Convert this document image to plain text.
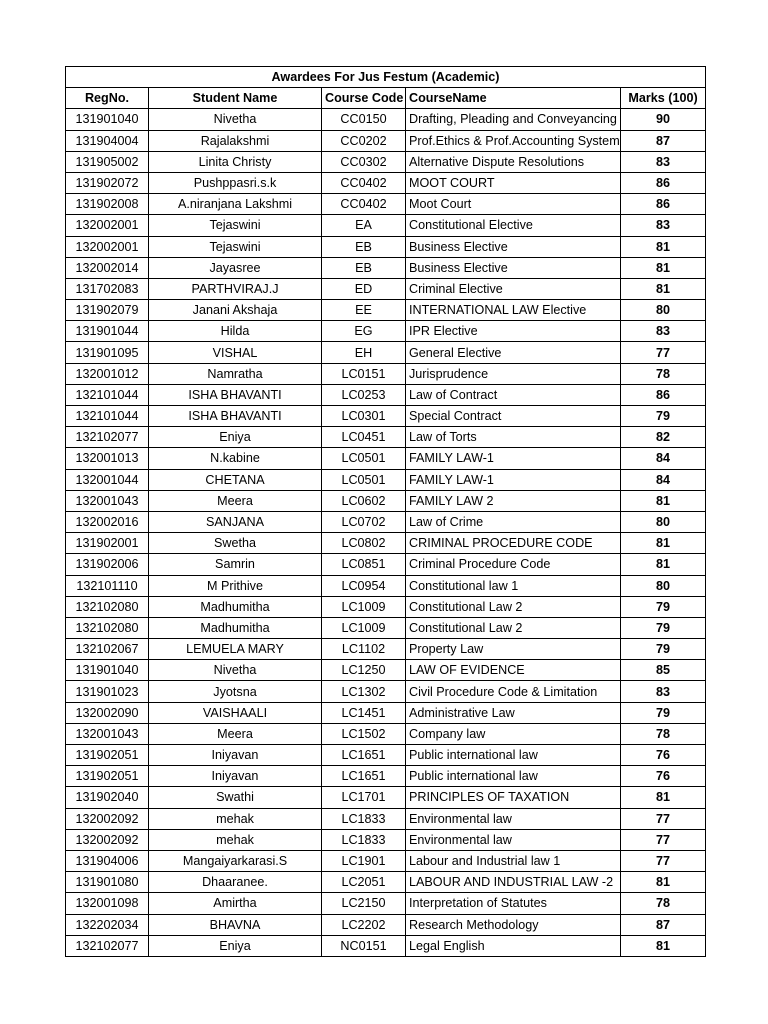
Awardees For Jus Festum (Academic)				
RegNo.	Student Name	Course Code	CourseName	Marks (100)
131901040	Nivetha	CC0150	Drafting, Pleading and Conveyancing	90
131904004	Rajalakshmi	CC0202	Prof.Ethics & Prof.Accounting System	87
131905002	Linita Christy	CC0302	Alternative Dispute Resolutions	83
131902072	Pushppasri.s.k	CC0402	MOOT COURT	86
131902008	A.niranjana Lakshmi	CC0402	Moot Court	86
132002001	Tejaswini	EA	Constitutional Elective	83
132002001	Tejaswini	EB	Business Elective	81
132002014	Jayasree	EB	Business Elective	81
131702083	PARTHVIRAJ.J	ED	Criminal Elective	81
131902079	Janani Akshaja	EE	INTERNATIONAL LAW Elective	80
131901044	Hilda	EG	IPR Elective	83
131901095	VISHAL	EH	General Elective	77
132001012	Namratha	LC0151	Jurisprudence	78
132101044	ISHA BHAVANTI	LC0253	Law of Contract	86
132101044	ISHA BHAVANTI	LC0301	Special Contract	79
132102077	Eniya	LC0451	Law of Torts	82
132001013	N.kabine	LC0501	FAMILY LAW-1	84
132001044	CHETANA	LC0501	FAMILY LAW-1	84
132001043	Meera	LC0602	FAMILY LAW 2	81
132002016	SANJANA	LC0702	Law of Crime	80
131902001	Swetha	LC0802	CRIMINAL PROCEDURE CODE	81
131902006	Samrin	LC0851	Criminal Procedure Code	81
132101110	M Prithive	LC0954	Constitutional law 1	80
132102080	Madhumitha	LC1009	Constitutional Law 2	79
132102080	Madhumitha	LC1009	Constitutional Law 2	79
132102067	LEMUELA MARY	LC1102	Property Law	79
131901040	Nivetha	LC1250	LAW OF EVIDENCE	85
131901023	Jyotsna	LC1302	Civil Procedure Code & Limitation	83
132002090	VAISHAALI	LC1451	Administrative Law	79
132001043	Meera	LC1502	Company law	78
131902051	Iniyavan	LC1651	Public international law	76
131902051	Iniyavan	LC1651	Public international law	76
131902040	Swathi	LC1701	PRINCIPLES OF TAXATION	81
132002092	mehak	LC1833	Environmental law	77
132002092	mehak	LC1833	Environmental law	77
131904006	Mangaiyarkarasi.S	LC1901	Labour and Industrial law 1	77
131901080	Dhaaranee.	LC2051	LABOUR AND INDUSTRIAL LAW -2	81
132001098	Amirtha	LC2150	Interpretation of Statutes	78
132202034	BHAVNA	LC2202	Research Methodology	87
132102077	Eniya	NC0151	Legal English	81
